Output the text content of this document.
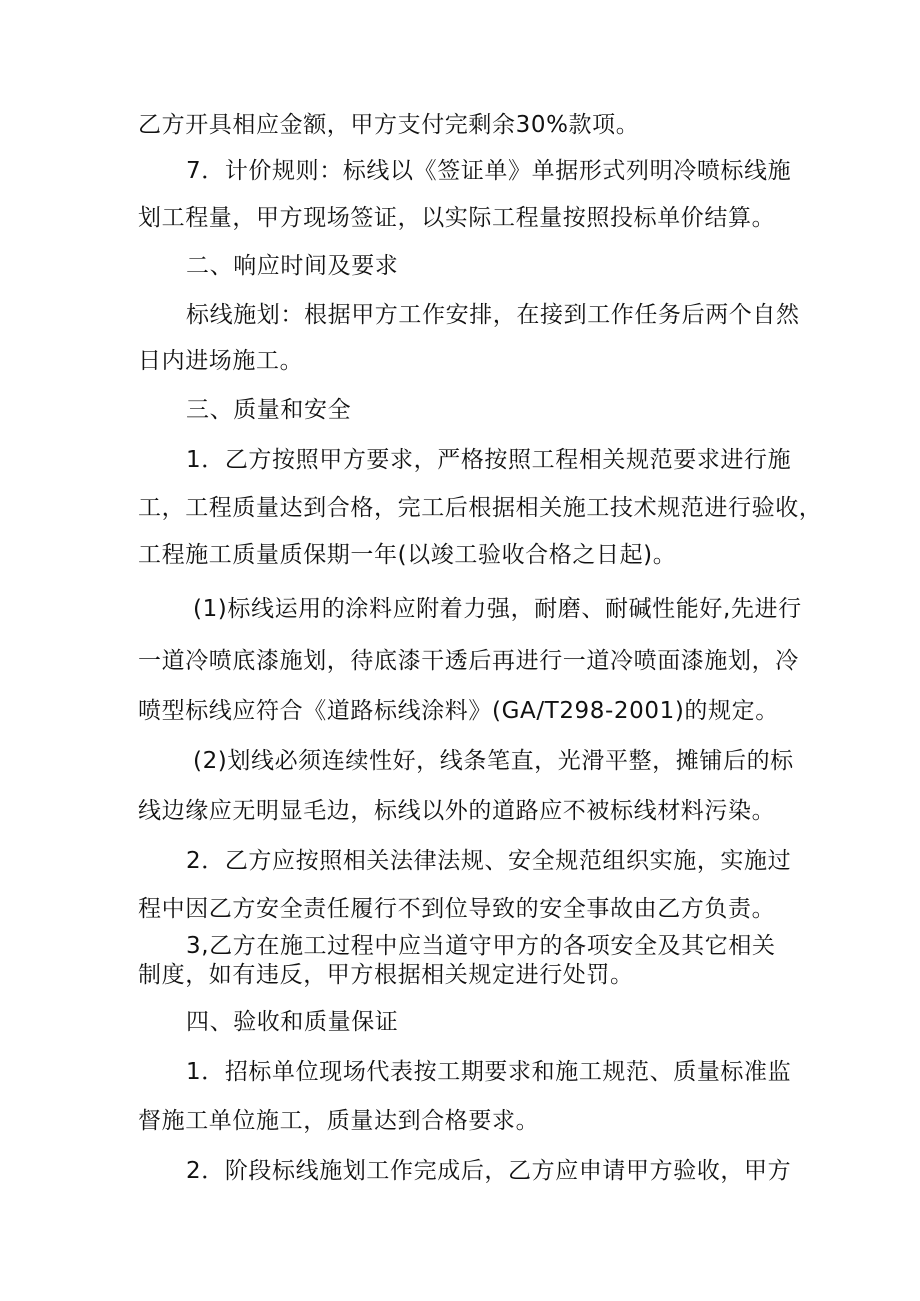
乙方开具相应金额，甲方支付完剩余30%款项。
7．计价规则：标线以《签证单》单据形式列明冷喷标线施
划工程量，甲方现场签证，以实际工程量按照投标单价结算。
二、响应时间及要求
标线施划：根据甲方工作安排，在接到工作任务后两个自然
日内进场施工。
三、质量和安全
1．乙方按照甲方要求，严格按照工程相关规范要求进行施
工，工程质量达到合格，完工后根据相关施工技术规范进行验收，
工程施工质量质保期一年(以竣工验收合格之日起)。
(1)标线运用的涂料应附着力强，耐磨、耐碱性能好,先进行
一道冷喷底漆施划，待底漆干透后再进行一道冷喷面漆施划，冷
喷型标线应符合《道路标线涂料》(GA/T298-2001)的规定。
(2)划线必须连续性好，线条笔直，光滑平整，摊铺后的标
线边缘应无明显毛边，标线以外的道路应不被标线材料污染。
2．乙方应按照相关法律法规、安全规范组织实施，实施过
程中因乙方安全责任履行不到位导致的安全事故由乙方负责。
3,乙方在施工过程中应当道守甲方的各项安全及其它相关
制度，如有违反，甲方根据相关规定进行处罚。
四、验收和质量保证
1．招标单位现场代表按工期要求和施工规范、质量标准监
督施工单位施工，质量达到合格要求。
2．阶段标线施划工作完成后，乙方应申请甲方验收，甲方
